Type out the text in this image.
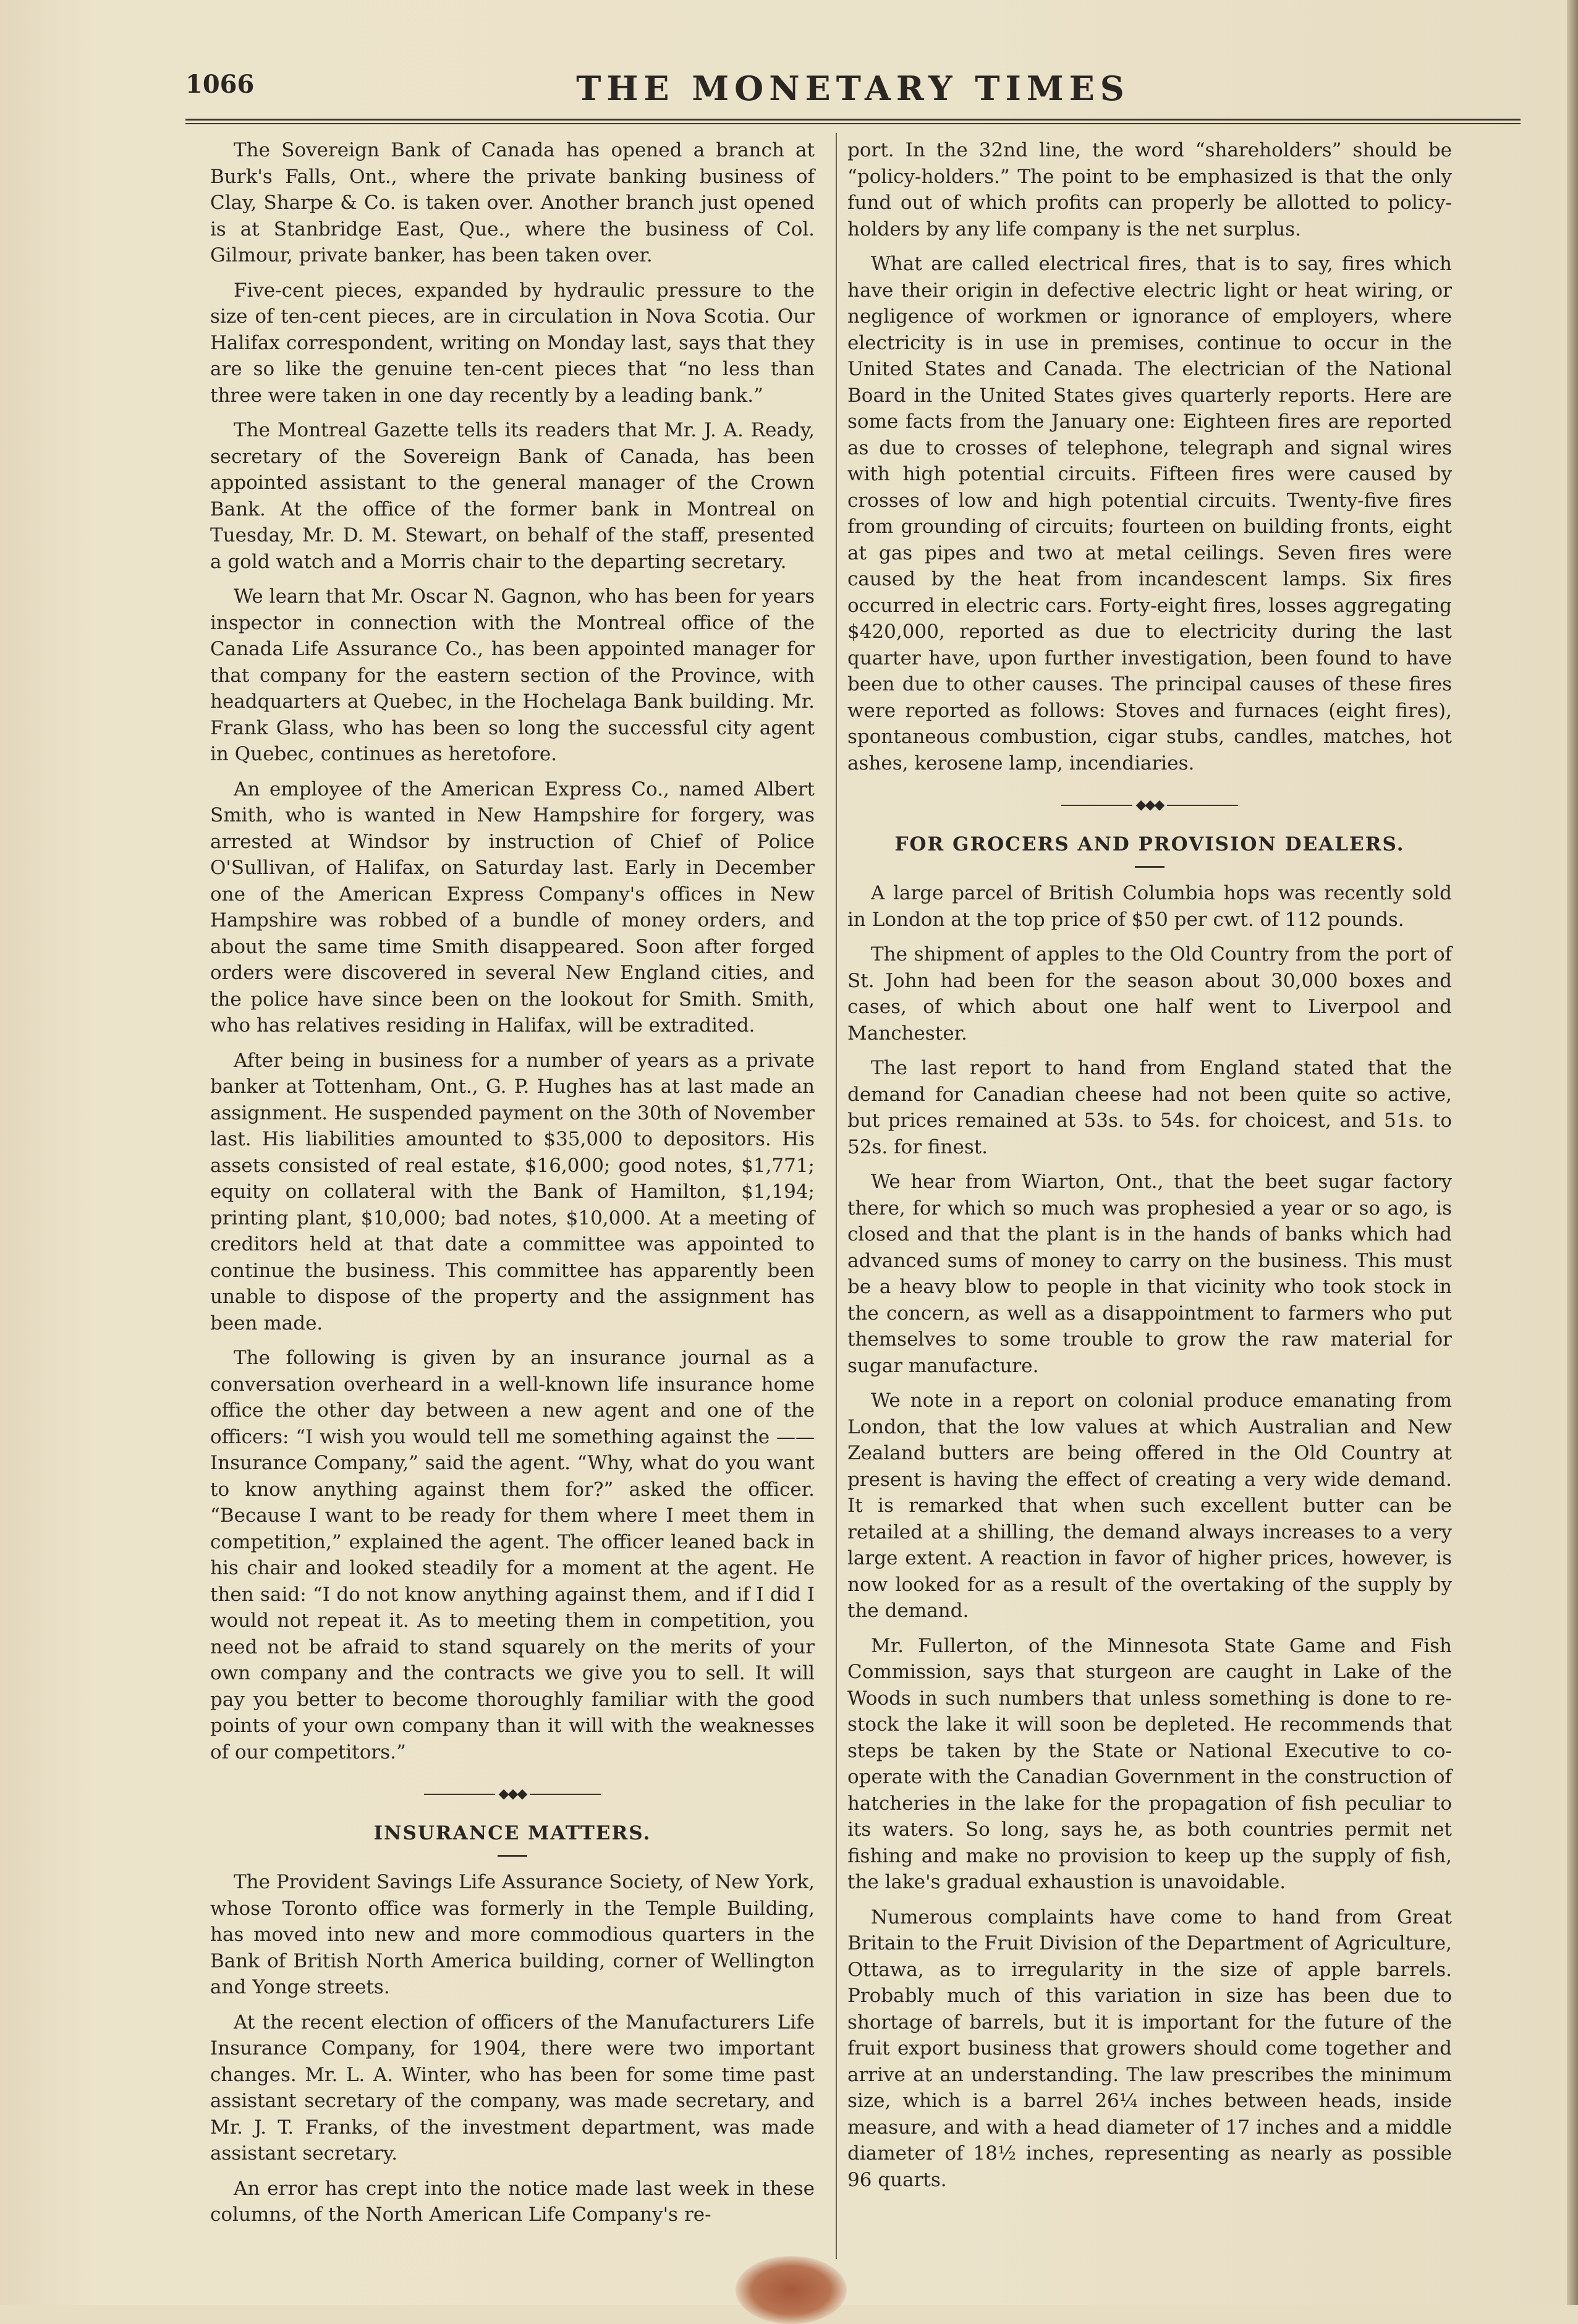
1066	THE MONETARY TIMES

The Sovereign Bank of Canada has opened a branch at Burk's Falls, Ont., where the private banking business of Clay, Sharpe & Co. is taken over. Another branch just opened is at Stanbridge East, Que., where the business of Col. Gilmour, private banker, has been taken over.

Five-cent pieces, expanded by hydraulic pressure to the size of ten-cent pieces, are in circulation in Nova Scotia. Our Halifax correspondent, writing on Monday last, says that they are so like the genuine ten-cent pieces that “no less than three were taken in one day recently by a leading bank.”

The Montreal Gazette tells its readers that Mr. J. A. Ready, secretary of the Sovereign Bank of Canada, has been appointed assistant to the general manager of the Crown Bank. At the office of the former bank in Montreal on Tuesday, Mr. D. M. Stewart, on behalf of the staff, presented a gold watch and a Morris chair to the departing secretary.

We learn that Mr. Oscar N. Gagnon, who has been for years inspector in connection with the Montreal office of the Canada Life Assurance Co., has been appointed manager for that company for the eastern section of the Province, with headquarters at Quebec, in the Hochelaga Bank building. Mr. Frank Glass, who has been so long the successful city agent in Quebec, continues as heretofore.

An employee of the American Express Co., named Albert Smith, who is wanted in New Hampshire for forgery, was arrested at Windsor by instruction of Chief of Police O'Sullivan, of Halifax, on Saturday last. Early in December one of the American Express Company's offices in New Hampshire was robbed of a bundle of money orders, and about the same time Smith disappeared. Soon after forged orders were discovered in several New England cities, and the police have since been on the lookout for Smith. Smith, who has relatives residing in Halifax, will be extradited.

After being in business for a number of years as a private banker at Tottenham, Ont., G. P. Hughes has at last made an assignment. He suspended payment on the 30th of November last. His liabilities amounted to $35,000 to depositors. His assets consisted of real estate, $16,000; good notes, $1,771; equity on collateral with the Bank of Hamilton, $1,194; printing plant, $10,000; bad notes, $10,000. At a meeting of creditors held at that date a committee was appointed to continue the business. This committee has apparently been unable to dispose of the property and the assignment has been made.

The following is given by an insurance journal as a conversation overheard in a well-known life insurance home office the other day between a new agent and one of the officers: “I wish you would tell me something against the —— Insurance Company,” said the agent. “Why, what do you want to know anything against them for?” asked the officer. “Because I want to be ready for them where I meet them in competition,” explained the agent. The officer leaned back in his chair and looked steadily for a moment at the agent. He then said: “I do not know anything against them, and if I did I would not repeat it. As to meeting them in competition, you need not be afraid to stand squarely on the merits of your own company and the contracts we give you to sell. It will pay you better to become thoroughly familiar with the good points of your own company than it will with the weaknesses of our competitors.”

◆◆◆
INSURANCE MATTERS.

The Provident Savings Life Assurance Society, of New York, whose Toronto office was formerly in the Temple Building, has moved into new and more commodious quarters in the Bank of British North America building, corner of Wellington and Yonge streets.

At the recent election of officers of the Manufacturers Life Insurance Company, for 1904, there were two important changes. Mr. L. A. Winter, who has been for some time past assistant secretary of the company, was made secretary, and Mr. J. T. Franks, of the investment department, was made assistant secretary.

An error has crept into the notice made last week in these columns, of the North American Life Company's re-

port. In the 32nd line, the word “shareholders” should be “policy-holders.” The point to be emphasized is that the only fund out of which profits can properly be allotted to policy-holders by any life company is the net surplus.

What are called electrical fires, that is to say, fires which have their origin in defective electric light or heat wiring, or negligence of workmen or ignorance of employers, where electricity is in use in premises, continue to occur in the United States and Canada. The electrician of the National Board in the United States gives quarterly reports. Here are some facts from the January one: Eighteen fires are reported as due to crosses of telephone, telegraph and signal wires with high potential circuits. Fifteen fires were caused by crosses of low and high potential circuits. Twenty-five fires from grounding of circuits; fourteen on building fronts, eight at gas pipes and two at metal ceilings. Seven fires were caused by the heat from incandescent lamps. Six fires occurred in electric cars. Forty-eight fires, losses aggregating $420,000, reported as due to electricity during the last quarter have, upon further investigation, been found to have been due to other causes. The principal causes of these fires were reported as follows: Stoves and furnaces (eight fires), spontaneous combustion, cigar stubs, candles, matches, hot ashes, kerosene lamp, incendiaries.

◆◆◆
FOR GROCERS AND PROVISION DEALERS.

A large parcel of British Columbia hops was recently sold in London at the top price of $50 per cwt. of 112 pounds.

The shipment of apples to the Old Country from the port of St. John had been for the season about 30,000 boxes and cases, of which about one half went to Liverpool and Manchester.

The last report to hand from England stated that the demand for Canadian cheese had not been quite so active, but prices remained at 53s. to 54s. for choicest, and 51s. to 52s. for finest.

We hear from Wiarton, Ont., that the beet sugar factory there, for which so much was prophesied a year or so ago, is closed and that the plant is in the hands of banks which had advanced sums of money to carry on the business. This must be a heavy blow to people in that vicinity who took stock in the concern, as well as a disappointment to farmers who put themselves to some trouble to grow the raw material for sugar manufacture.

We note in a report on colonial produce emanating from London, that the low values at which Australian and New Zealand butters are being offered in the Old Country at present is having the effect of creating a very wide demand. It is remarked that when such excellent butter can be retailed at a shilling, the demand always increases to a very large extent. A reaction in favor of higher prices, however, is now looked for as a result of the overtaking of the supply by the demand.

Mr. Fullerton, of the Minnesota State Game and Fish Commission, says that sturgeon are caught in Lake of the Woods in such numbers that unless something is done to re-stock the lake it will soon be depleted. He recommends that steps be taken by the State or National Executive to co-operate with the Canadian Government in the construction of hatcheries in the lake for the propagation of fish peculiar to its waters. So long, says he, as both countries permit net fishing and make no provision to keep up the supply of fish, the lake's gradual exhaustion is unavoidable.

Numerous complaints have come to hand from Great Britain to the Fruit Division of the Department of Agriculture, Ottawa, as to irregularity in the size of apple barrels. Probably much of this variation in size has been due to shortage of barrels, but it is important for the future of the fruit export business that growers should come together and arrive at an understanding. The law prescribes the minimum size, which is a barrel 26¼ inches between heads, inside measure, and with a head diameter of 17 inches and a middle diameter of 18½ inches, representing as nearly as possible 96 quarts.
